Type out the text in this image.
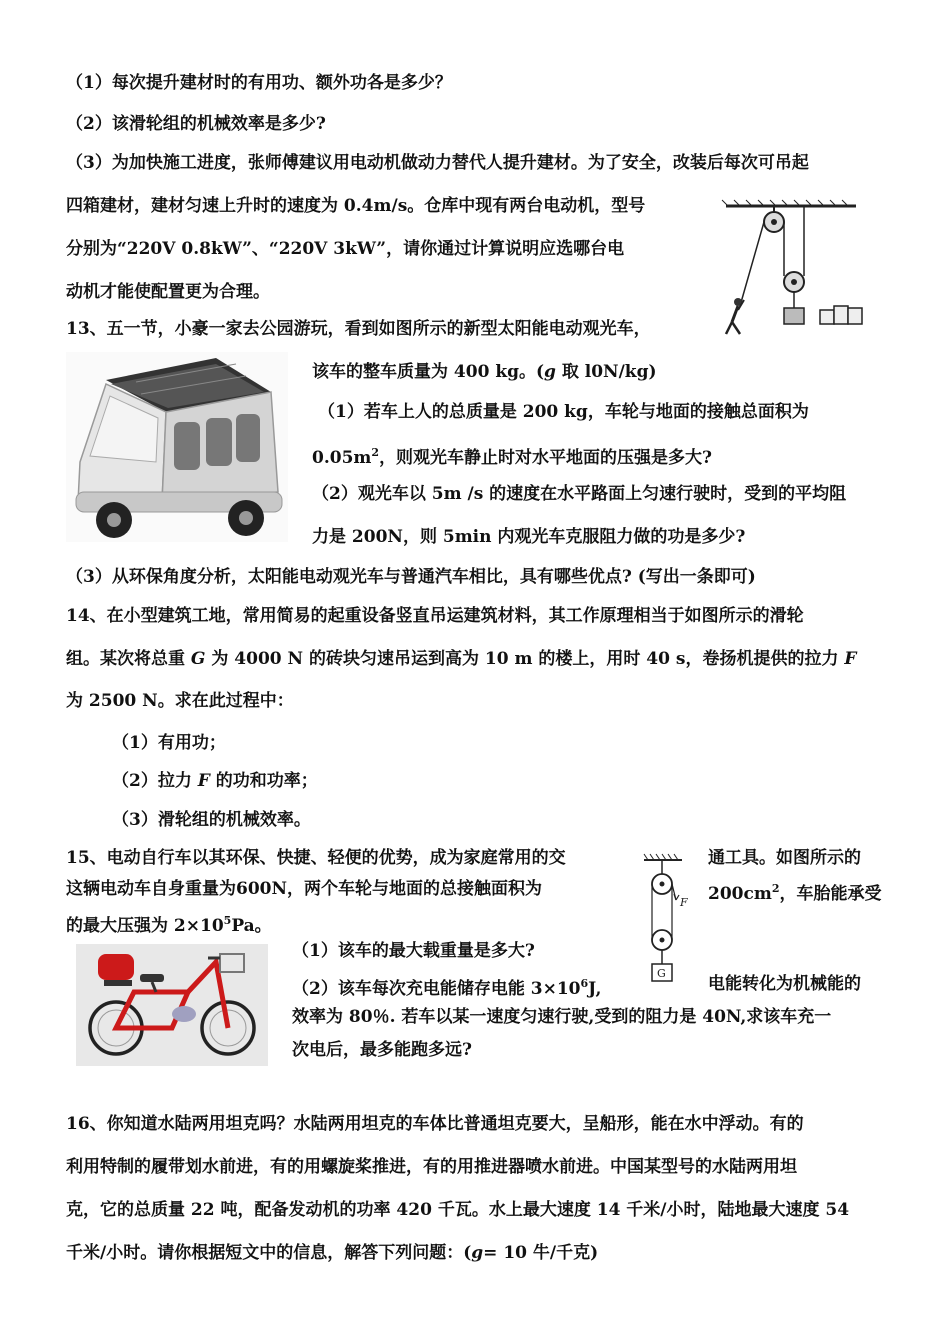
（1）每次提升建材时的有用功、额外功各是多少？

（2）该滑轮组的机械效率是多少?

（3）为加快施工进度，张师傅建议用电动机做动力替代人提升建材。为了安全，改装后每次可吊起

四箱建材，建材匀速上升时的速度为 0.4m/s。仓库中现有两台电动机，型号

分别为“220V 0.8kW”、“220V 3kW”，请你通过计算说明应选哪台电

动机才能使配置更为合理。

13、五一节，小豪一家去公园游玩，看到如图所示的新型太阳能电动观光车，

该车的整车质量为 400 kg。(g 取 l0N/kg)

（1）若车上人的总质量是 200 kg，车轮与地面的接触总面积为

$0.05m^2$，则观光车静止时对水平地面的压强是多大?

（2）观光车以 5m /s 的速度在水平路面上匀速行驶时，受到的平均阻

力是 200N，则 5min 内观光车克服阻力做的功是多少?

（3）从环保角度分析，太阳能电动观光车与普通汽车相比，具有哪些优点? (写出一条即可)

14、在小型建筑工地，常用简易的起重设备竖直吊运建筑材料，其工作原理相当于如图所示的滑轮

组。某次将总重 G 为 4000 N 的砖块匀速吊运到高为 10 m 的楼上，用时 40 s，卷扬机提供的拉力 F

为 2500 N。求在此过程中：

（1）有用功；

（2）拉力 F 的功和功率；

（3）滑轮组的机械效率。

15、电动自行车以其环保、快捷、轻便的优势，成为家庭常用的交	通工具。如图所示的

这辆电动车自身重量为600N，两个车轮与地面的总接触面积为	$200cm^2$，车胎能承受

的最大压强为 $2\times 10^5Pa$。

F
G

（1）该车的最大载重量是多大?

（2）该车每次充电能储存电能 $3\times 10^6J$,	电能转化为机械能的

效率为 80％. 若车以某一速度匀速行驶,受到的阻力是 40N,求该车充一

次电后，最多能跑多远?

16、你知道水陆两用坦克吗？水陆两用坦克的车体比普通坦克要大，呈船形，能在水中浮动。有的

利用特制的履带划水前进，有的用螺旋桨推进，有的用推进器喷水前进。中国某型号的水陆两用坦

克，它的总质量 22 吨，配备发动机的功率 420 千瓦。水上最大速度 14 千米/小时，陆地最大速度 54

千米/小时。请你根据短文中的信息，解答下列问题：(g= 10 牛/千克)
